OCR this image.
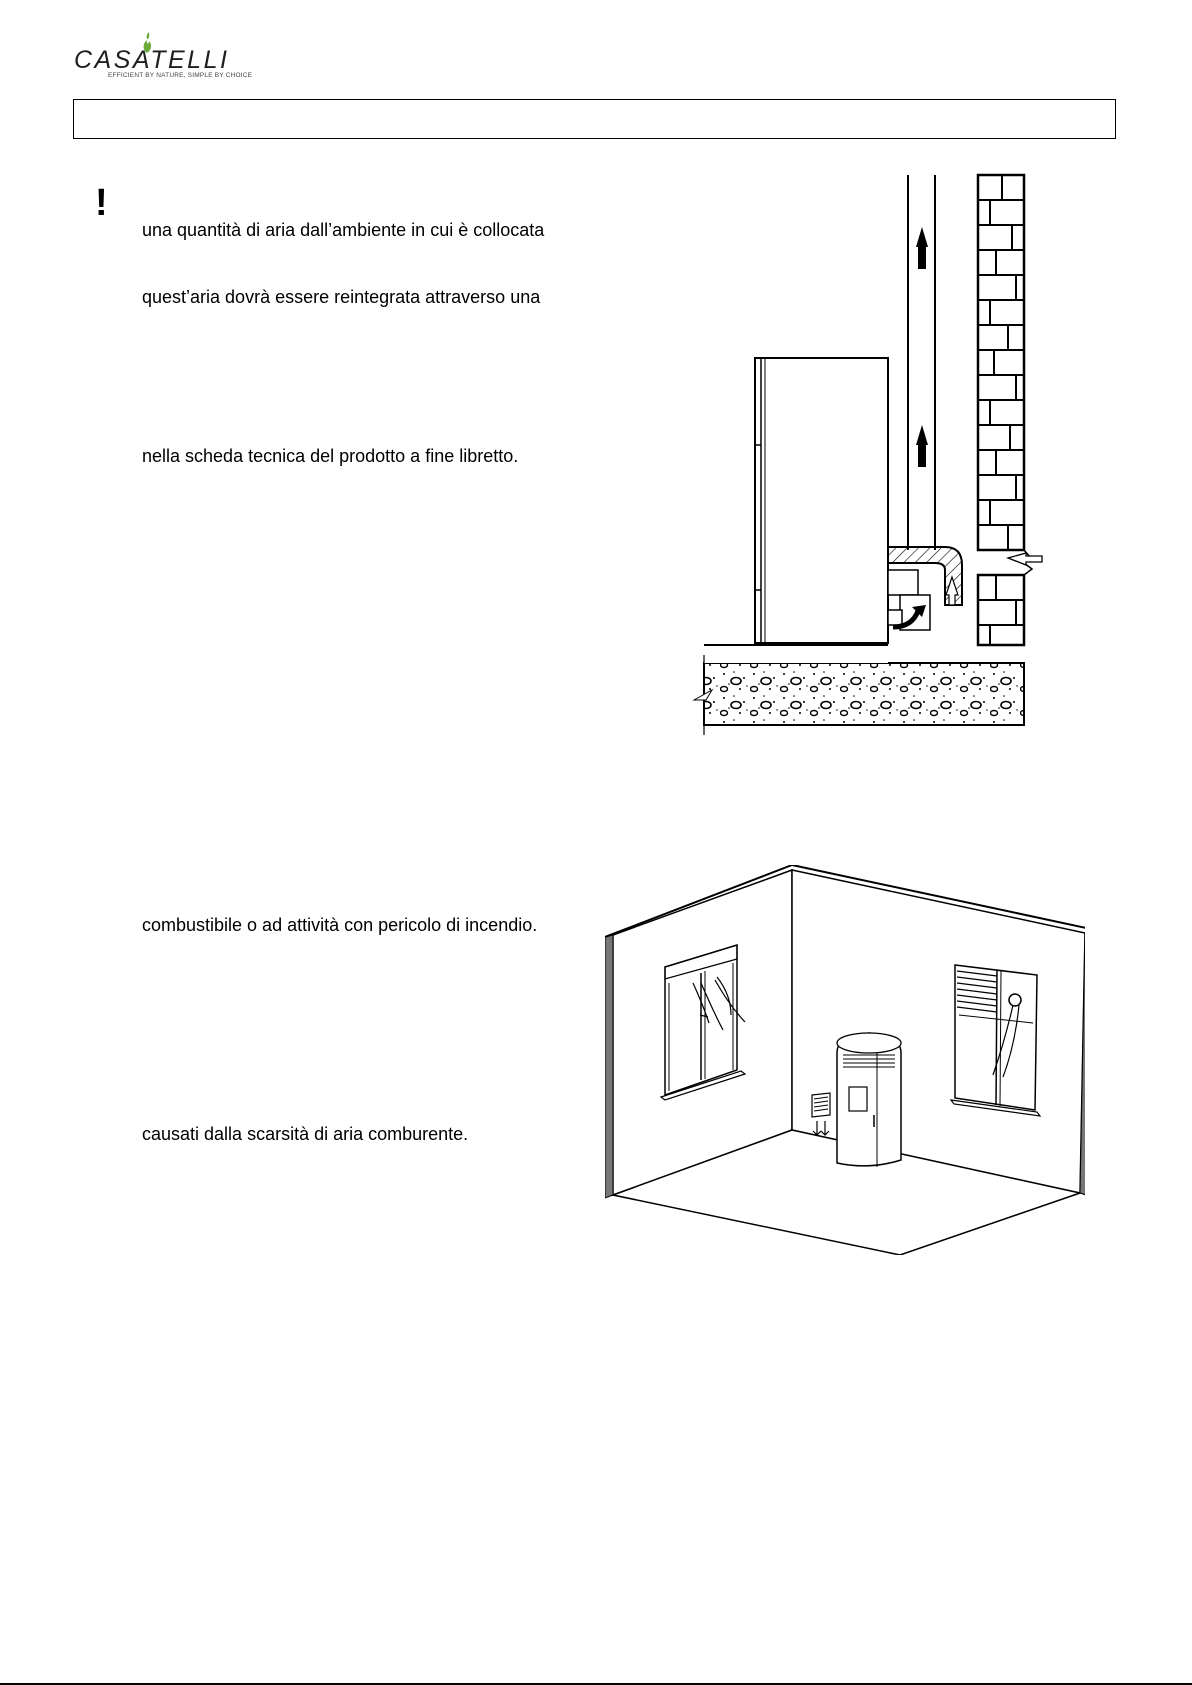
CASATELLI
EFFICIENT BY NATURE, SIMPLE BY CHOICE
!
una quantità di aria dall’ambiente in cui è collocata
quest’aria dovrà essere reintegrata attraverso una
nella scheda tecnica del prodotto a fine libretto.
combustibile o ad attività con pericolo di incendio.
causati dalla scarsità di aria comburente.
